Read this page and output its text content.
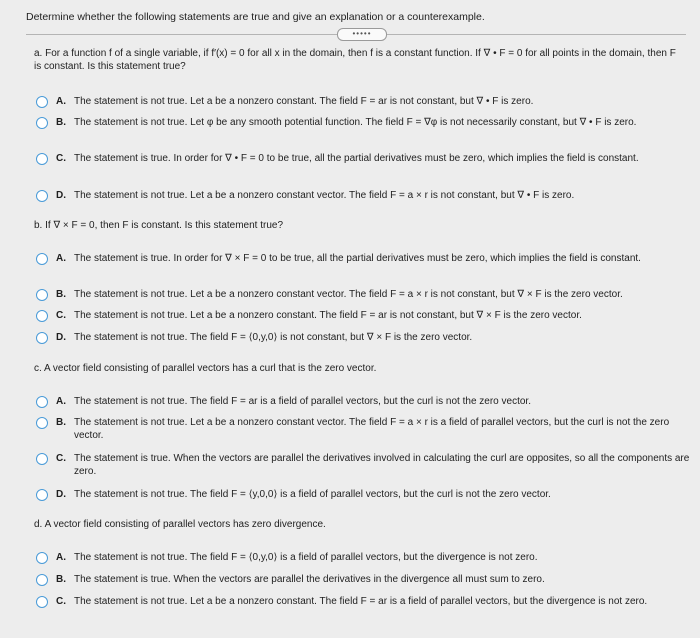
Determine whether the following statements are true and give an explanation or a counterexample.
•••••
a. For a function f of a single variable, if f′(x) = 0 for all x in the domain, then f is a constant function. If ∇ • F = 0 for all points in the domain, then F is constant. Is this statement true?
A. The statement is not true. Let a be a nonzero constant. The field F = ar is not constant, but ∇ • F is zero.
B. The statement is not true. Let φ be any smooth potential function. The field F = ∇φ is not necessarily constant, but ∇ • F is zero.
C. The statement is true. In order for ∇ • F = 0 to be true, all the partial derivatives must be zero, which implies the field is constant.
D. The statement is not true. Let a be a nonzero constant vector. The field F = a × r is not constant, but ∇ • F is zero.
b. If ∇ × F = 0, then F is constant. Is this statement true?
A. The statement is true. In order for ∇ × F = 0 to be true, all the partial derivatives must be zero, which implies the field is constant.
B. The statement is not true. Let a be a nonzero constant vector. The field F = a × r is not constant, but ∇ × F is the zero vector.
C. The statement is not true. Let a be a nonzero constant. The field F = ar is not constant, but ∇ × F is the zero vector.
D. The statement is not true. The field F = ⟨0,y,0⟩ is not constant, but ∇ × F is the zero vector.
c. A vector field consisting of parallel vectors has a curl that is the zero vector.
A. The statement is not true. The field F = ar is a field of parallel vectors, but the curl is not the zero vector.
B. The statement is not true. Let a be a nonzero constant vector. The field F = a × r is a field of parallel vectors, but the curl is not the zero vector.
C. The statement is true. When the vectors are parallel the derivatives involved in calculating the curl are opposites, so all the components are zero.
D. The statement is not true. The field F = ⟨y,0,0⟩ is a field of parallel vectors, but the curl is not the zero vector.
d. A vector field consisting of parallel vectors has zero divergence.
A. The statement is not true. The field F = ⟨0,y,0⟩ is a field of parallel vectors, but the divergence is not zero.
B. The statement is true. When the vectors are parallel the derivatives in the divergence all must sum to zero.
C. The statement is not true. Let a be a nonzero constant. The field F = ar is a field of parallel vectors, but the divergence is not zero.
